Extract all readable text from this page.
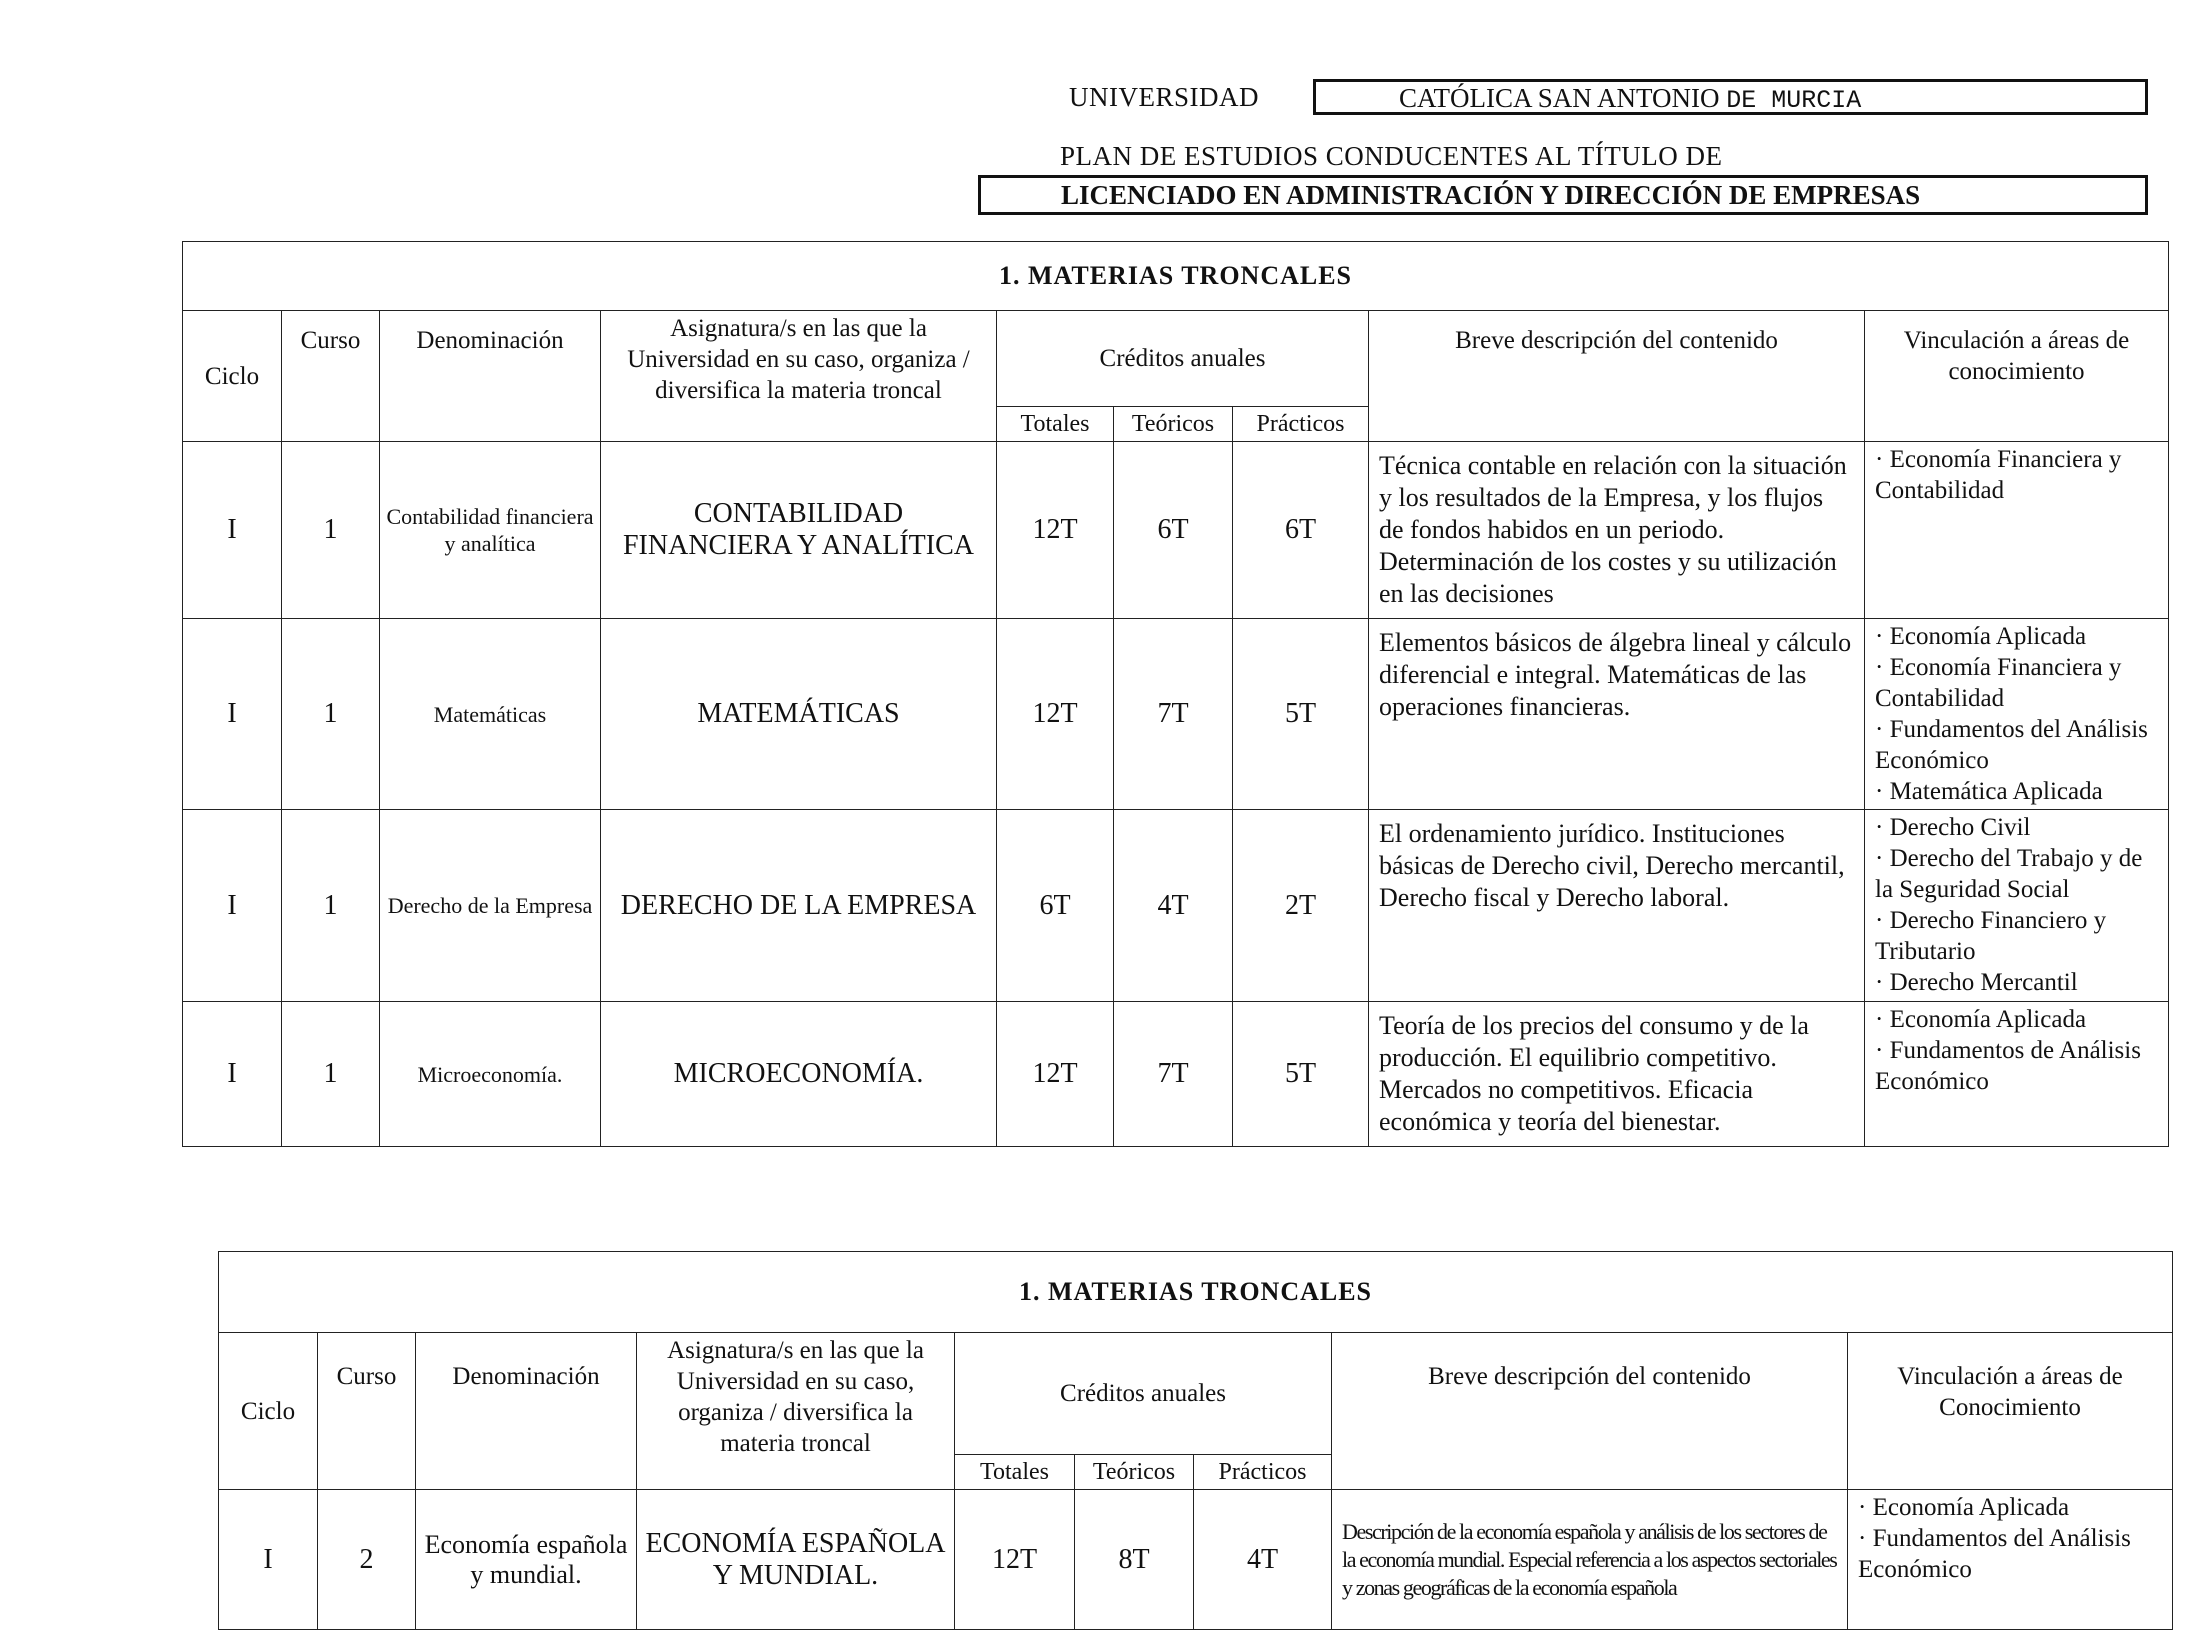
UNIVERSIDAD	CATÓLICA SAN ANTONIO DE MURCIA
PLAN DE ESTUDIOS CONDUCENTES AL TÍTULO DE
LICENCIADO EN ADMINISTRACIÓN Y DIRECCIÓN DE EMPRESAS
1. MATERIAS TRONCALES								
Ciclo	Curso	Denominación	Asignatura/s en las que la Universidad en su caso, organiza / diversifica la materia troncal	Créditos anuales			Breve descripción del contenido	Vinculación a áreas de conocimiento
				Totales	Teóricos	Prácticos		
I	1	Contabilidad financiera y analítica	CONTABILIDAD FINANCIERA Y ANALÍTICA	12T	6T	6T	Técnica contable en relación con la situación y los resultados de la Empresa, y los flujos de fondos habidos en un periodo. Determinación de los costes y su utilización en las decisiones	· Economía Financiera y Contabilidad

I	1	Matemáticas	MATEMÁTICAS	12T	7T	5T	Elementos básicos de álgebra lineal y cálculo diferencial e integral. Matemáticas de las operaciones financieras.	· Economía Aplicada
· Economía Financiera y Contabilidad
· Fundamentos del Análisis Económico
· Matemática Aplicada

I	1	Derecho de la Empresa	DERECHO DE LA EMPRESA	6T	4T	2T	El ordenamiento jurídico. Instituciones básicas de Derecho civil, Derecho mercantil, Derecho fiscal y Derecho laboral.	· Derecho Civil
· Derecho del Trabajo y de la Seguridad Social
· Derecho Financiero y Tributario
· Derecho Mercantil

I	1	Microeconomía.	MICROECONOMÍA.	12T	7T	5T	Teoría de los precios del consumo y de la producción. El equilibrio competitivo. Mercados no competitivos. Eficacia económica y teoría del bienestar.	· Economía Aplicada
· Fundamentos de Análisis Económico
1. MATERIAS TRONCALES								
Ciclo	Curso	Denominación	Asignatura/s en las que la Universidad en su caso, organiza / diversifica la materia troncal	Créditos anuales			Breve descripción del contenido	Vinculación a áreas de Conocimiento
				Totales	Teóricos	Prácticos		
I	2	Economía española y mundial.	ECONOMÍA ESPAÑOLA Y MUNDIAL.	12T	8T	4T	Descripción de la economía española y análisis de los sectores de la economía mundial. Especial referencia a los aspectos sectoriales y zonas geográficas de la economía española	· Economía Aplicada
· Fundamentos del Análisis Económico
